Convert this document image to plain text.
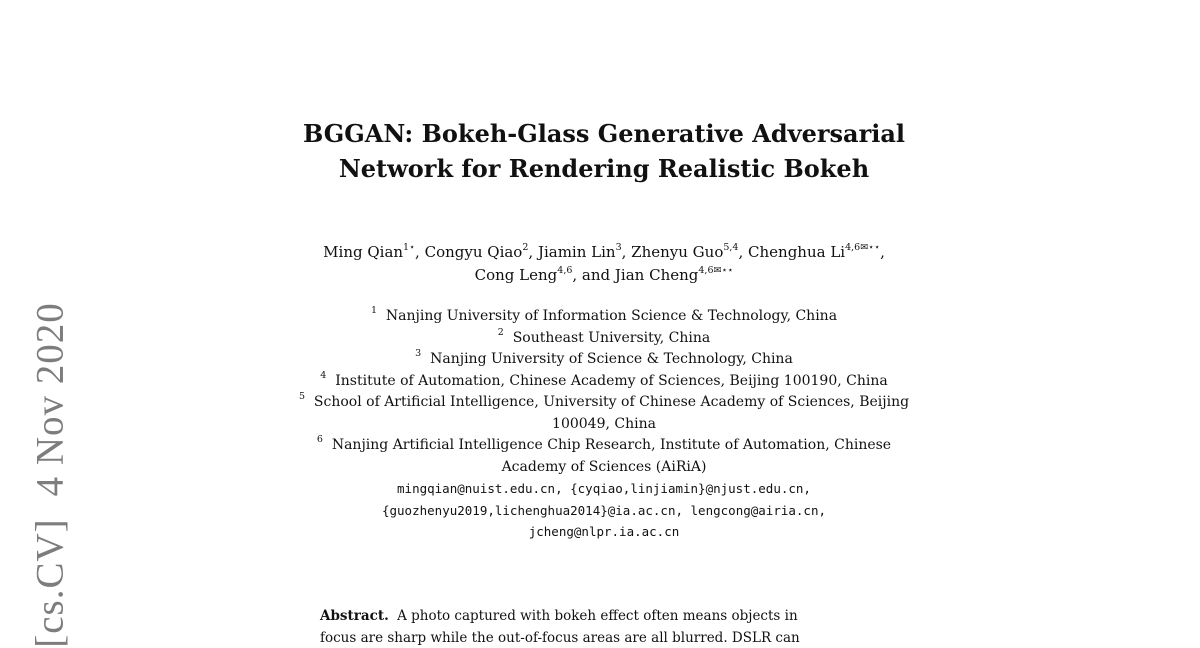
[cs.CV]4 Nov 2020
BGGAN: Bokeh-Glass Generative Adversarial
Network for Rendering Realistic Bokeh
Ming Qian$^{1⋆}$, Congyu Qiao$^2$, Jiamin Lin$^3$, Zhenyu Guo$^{5,4}$, Chenghua $Li^{4,6✉⋆⋆}$,
Cong Leng$^{4,6}$, and Jian Cheng$^{4,6✉⋆⋆}$
$^1$ Nanjing University of Information Science & Technology, China
$^2$ Southeast University, China
$^3$ Nanjing University of Science & Technology, China
$^4$ Institute of Automation, Chinese Academy of Sciences, Beijing 100190, China
$^5$ School of Artificial Intelligence, University of Chinese Academy of Sciences, Beijing
100049, China
$^6$ Nanjing Artificial Intelligence Chip Research, Institute of Automation, Chinese
Academy of Sciences (AiRiA)
mingqian@nuist.edu.cn, {cyqiao,linjiamin}@njust.edu.cn,
{guozhenyu2019,lichenghua2014}@ia.ac.cn, lengcong@airia.cn,
jcheng@nlpr.ia.ac.cn
Abstract. A photo captured with bokeh effect often means objects in
focus are sharp while the out-of-focus areas are all blurred. DSLR can
